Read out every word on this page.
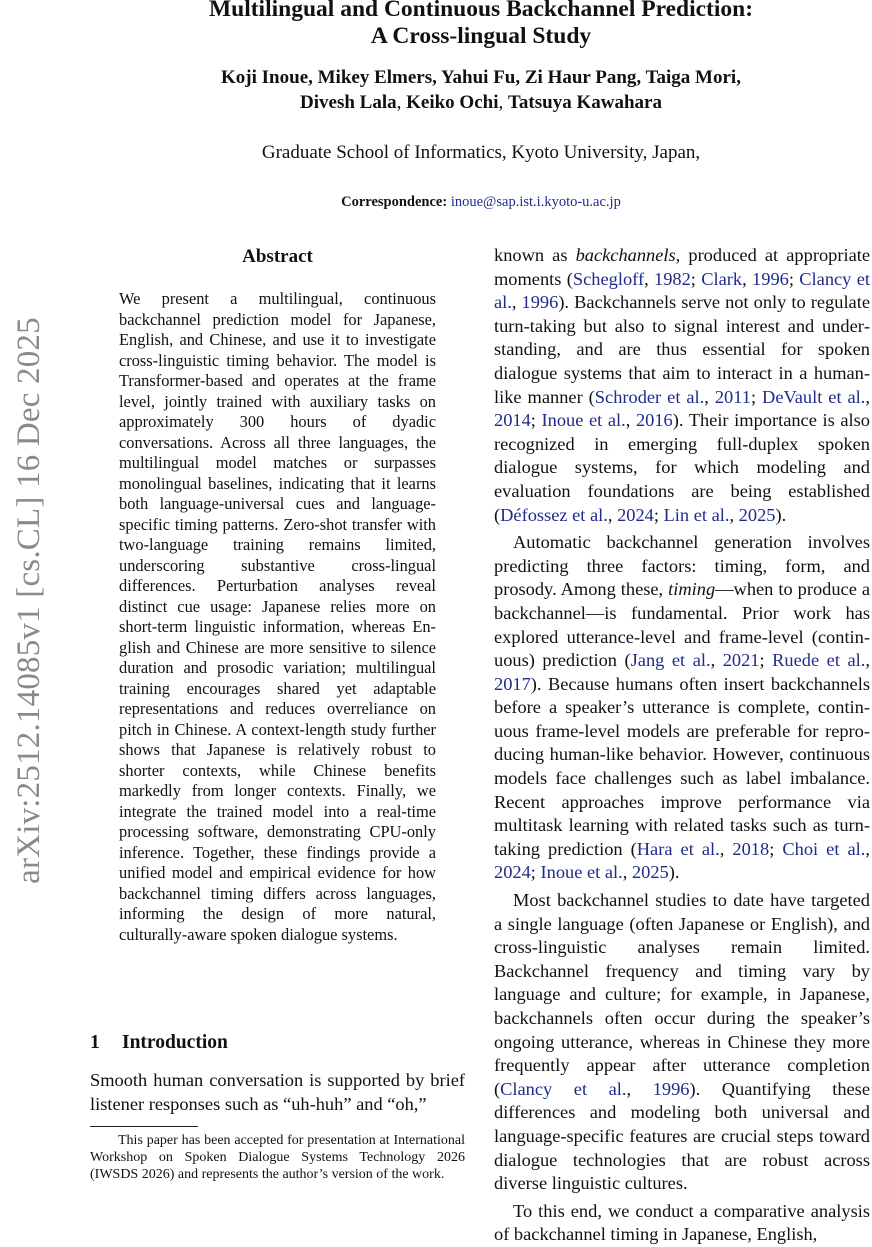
arXiv:2512.14085v1 [cs.CL] 16 Dec 2025
Multilingual and Continuous Backchannel Prediction:
A Cross-lingual Study
Koji Inoue, Mikey Elmers, Yahui Fu, Zi Haur Pang, Taiga Mori,
Divesh Lala, Keiko Ochi, Tatsuya Kawahara
Graduate School of Informatics, Kyoto University, Japan,
Correspondence: inoue@sap.ist.i.kyoto-u.ac.jp
Abstract
We present a multilingual, continuous backchannel prediction model for Japanese, English, and Chinese, and use it to investigate cross-linguistic timing behavior. The model is Transformer-based and operates at the frame level, jointly trained with auxiliary tasks on approximately 300 hours of dyadic conversations. Across all three languages, the multilingual model matches or surpasses monolingual baselines, indicating that it learns both language-universal cues and language-specific timing patterns. Zero-shot transfer with two-language training remains limited, underscoring substantive cross-lingual differences. Perturbation analyses reveal distinct cue usage: Japanese relies more on short-term linguistic information, whereas English and Chinese are more sensitive to silence duration and prosodic variation; multilingual training encourages shared yet adaptable representations and reduces overreliance on pitch in Chinese. A context-length study further shows that Japanese is relatively robust to shorter contexts, while Chinese benefits markedly from longer contexts. Finally, we integrate the trained model into a real-time processing software, demonstrating CPU-only inference. Together, these findings provide a unified model and empirical evidence for how backchannel timing differs across languages, informing the design of more natural, culturally-aware spoken dialogue systems.
1 Introduction
Smooth human conversation is supported by brief listener responses such as “uh-huh” and “oh,”
This paper has been accepted for presentation at International Workshop on Spoken Dialogue Systems Technology 2026 (IWSDS 2026) and represents the author’s version of the work.

known as backchannels, produced at appropriate moments (Schegloff, 1982; Clark, 1996; Clancy et al., 1996). Backchannels serve not only to regulate turn-taking but also to signal interest and understanding, and are thus essential for spoken dialogue systems that aim to interact in a human-like manner (Schroder et al., 2011; DeVault et al., 2014; Inoue et al., 2016). Their importance is also recognized in emerging full-duplex spoken dialogue systems, for which modeling and evaluation foundations are being established (Défossez et al., 2024; Lin et al., 2025).

Automatic backchannel generation involves predicting three factors: timing, form, and prosody. Among these, timing—when to produce a backchannel—is fundamental. Prior work has explored utterance-level and frame-level (continuous) prediction (Jang et al., 2021; Ruede et al., 2017). Because humans often insert backchannels before a speaker’s utterance is complete, continuous frame-level models are preferable for reproducing human-like behavior. However, continuous models face challenges such as label imbalance. Recent approaches improve performance via multitask learning with related tasks such as turn-taking prediction (Hara et al., 2018; Choi et al., 2024; Inoue et al., 2025).

Most backchannel studies to date have targeted a single language (often Japanese or English), and cross-linguistic analyses remain limited. Backchannel frequency and timing vary by language and culture; for example, in Japanese, backchannels often occur during the speaker’s ongoing utterance, whereas in Chinese they more frequently appear after utterance completion (Clancy et al., 1996). Quantifying these differences and modeling both universal and language-specific features are crucial steps toward dialogue technologies that are robust across diverse linguistic cultures.

To this end, we conduct a comparative analysis of backchannel timing in Japanese, English,
